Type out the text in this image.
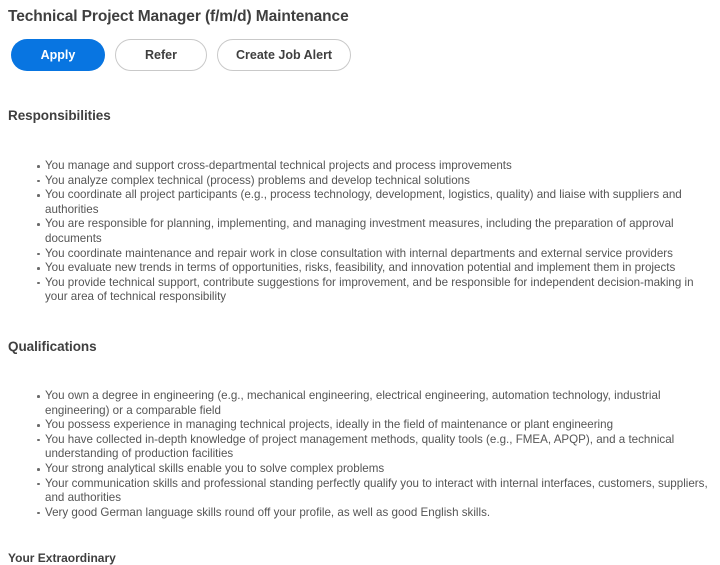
Technical Project Manager (f/m/d) Maintenance
Apply	Refer	Create Job Alert
Responsibilities
You manage and support cross-departmental technical projects and process improvements
You analyze complex technical (process) problems and develop technical solutions
You coordinate all project participants (e.g., process technology, development, logistics, quality) and liaise with suppliers and authorities
You are responsible for planning, implementing, and managing investment measures, including the preparation of approval documents
You coordinate maintenance and repair work in close consultation with internal departments and external service providers
You evaluate new trends in terms of opportunities, risks, feasibility, and innovation potential and implement them in projects
You provide technical support, contribute suggestions for improvement, and be responsible for independent decision-making in your area of technical responsibility
Qualifications
You own a degree in engineering (e.g., mechanical engineering, electrical engineering, automation technology, industrial engineering) or a comparable field
You possess experience in managing technical projects, ideally in the field of maintenance or plant engineering
You have collected in-depth knowledge of project management methods, quality tools (e.g., FMEA, APQP), and a technical understanding of production facilities
Your strong analytical skills enable you to solve complex problems
Your communication skills and professional standing perfectly qualify you to interact with internal interfaces, customers, suppliers, and authorities
Very good German language skills round off your profile, as well as good English skills.
Your Extraordinary
